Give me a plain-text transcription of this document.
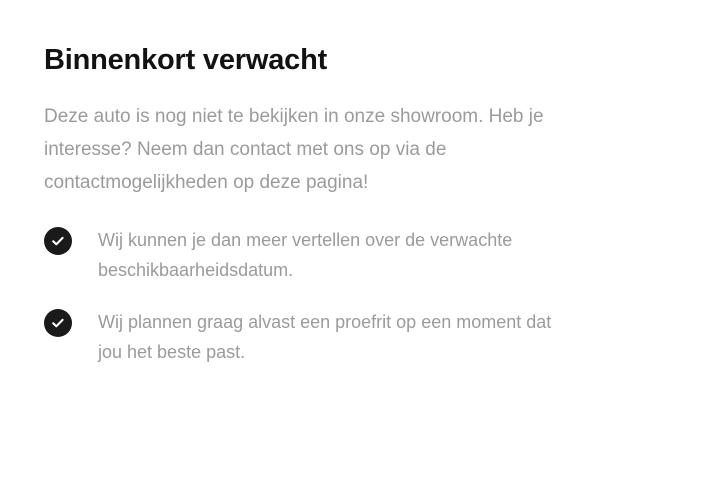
Binnenkort verwacht

Deze auto is nog niet te bekijken in onze showroom. Heb je interesse? Neem dan contact met ons op via de contactmogelijkheden op deze pagina!

Wij kunnen je dan meer vertellen over de verwachte beschikbaarheidsdatum.
Wij plannen graag alvast een proefrit op een moment dat jou het beste past.
